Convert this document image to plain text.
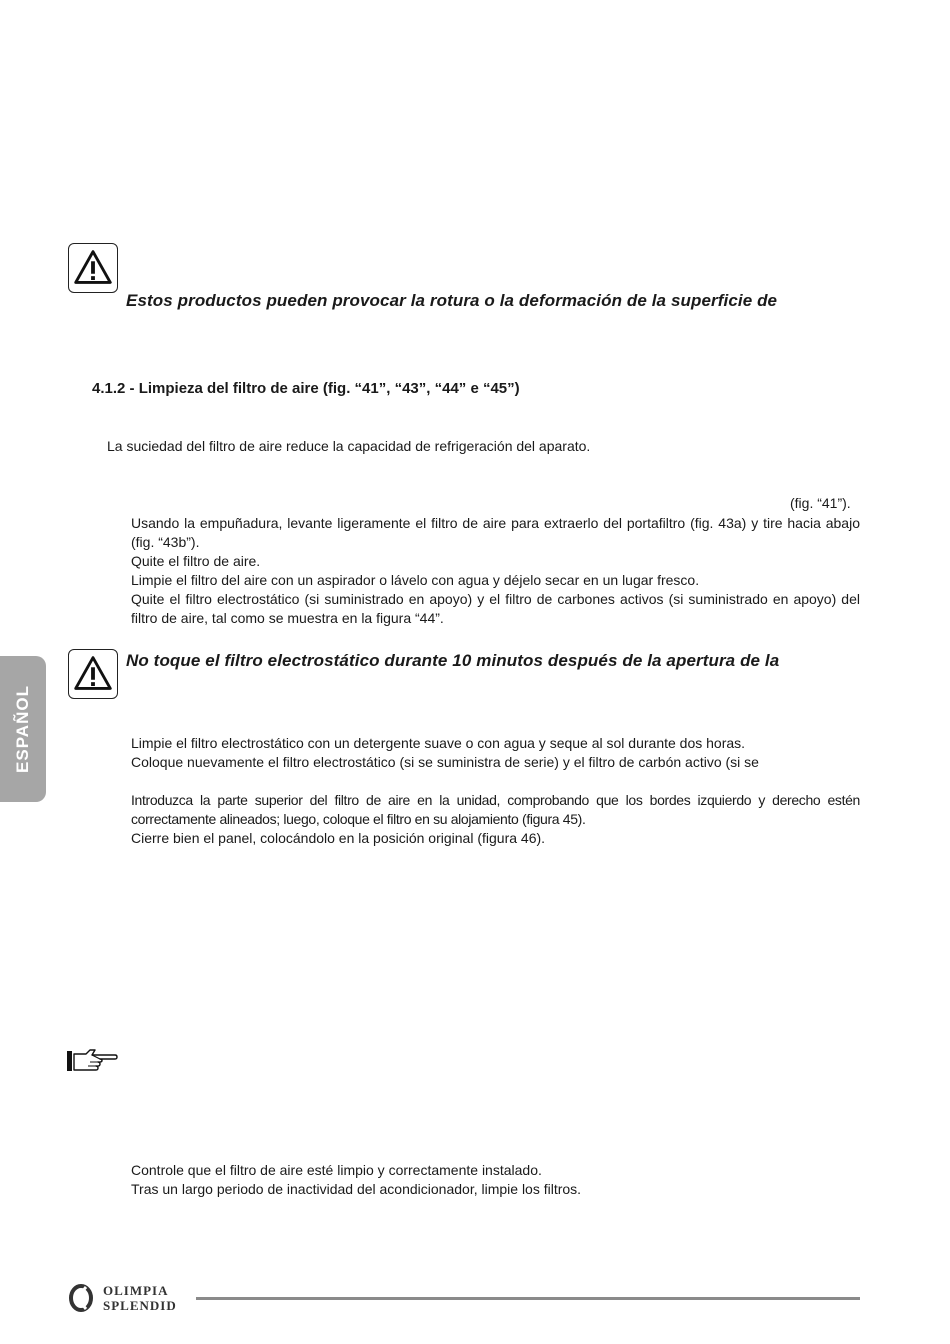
Estos productos pueden provocar la rotura o la deformación de la superficie de
4.1.2 - Limpieza del filtro de aire (fig. “41”, “43”, “44” e “45”)
La suciedad del filtro de aire reduce la capacidad de refrigeración del aparato.
(fig. “41”).
Usando la empuñadura, levante ligeramente el filtro de aire para extraerlo del portafiltro (fig. 43a) y tire hacia abajo (fig. “43b”).
Quite el filtro de aire.
Limpie el filtro del aire con un aspirador o lávelo con agua y déjelo secar en un lugar fresco.
Quite el filtro electrostático (si suministrado en apoyo) y el filtro de carbones activos (si suministrado en apoyo) del filtro de aire, tal como se muestra en la figura “44”.
No toque el filtro electrostático durante 10 minutos después de la apertura de la
Limpie el filtro electrostático con un detergente suave o con agua y seque al sol durante dos horas.
Coloque nuevamente el filtro electrostático (si se suministra de serie) y el filtro de carbón activo (si se
Introduzca la parte superior del filtro de aire en la unidad, comprobando que los bordes izquierdo y derecho estén correctamente alineados; luego, coloque el filtro en su alojamiento (figura 45).
Cierre bien el panel, colocándolo en la posición original (figura 46).
Controle que el filtro de aire esté limpio y correctamente instalado.
Tras un largo periodo de inactividad del acondicionador, limpie los filtros.
ESPAÑOL
OLIMPIA
SPLENDID
